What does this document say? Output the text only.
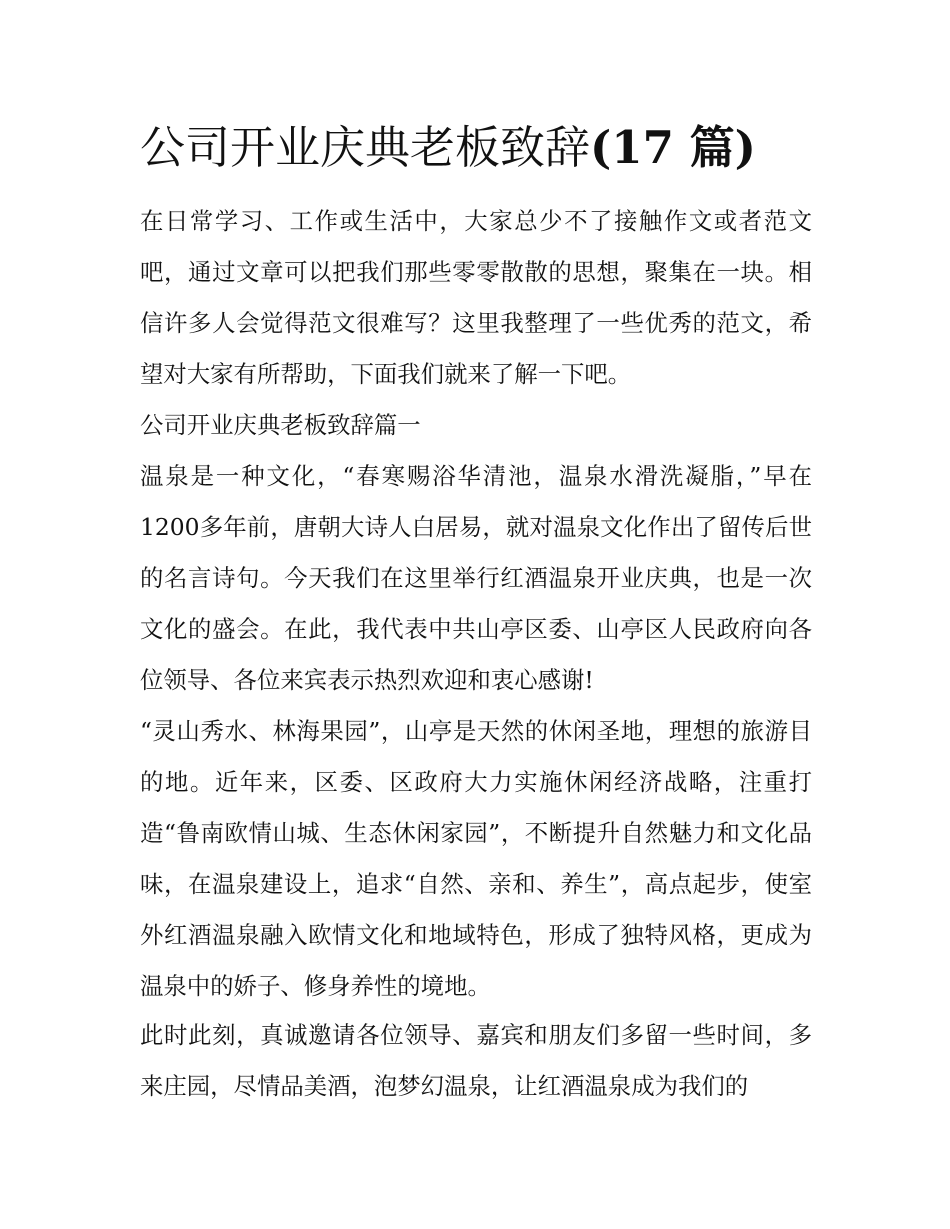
公司开业庆典老板致辞(17 篇)

在日常学习、工作或生活中，大家总少不了接触作文或者范文吧，通过文章可以把我们那些零零散散的思想，聚集在一块。相信许多人会觉得范文很难写？这里我整理了一些优秀的范文，希望对大家有所帮助，下面我们就来了解一下吧。

公司开业庆典老板致辞篇一

温泉是一种文化，“春寒赐浴华清池，温泉水滑洗凝脂，”早在1200多年前，唐朝大诗人白居易，就对温泉文化作出了留传后世的名言诗句。今天我们在这里举行红酒温泉开业庆典，也是一次文化的盛会。在此，我代表中共山亭区委、山亭区人民政府向各位领导、各位来宾表示热烈欢迎和衷心感谢!

“灵山秀水、林海果园”，山亭是天然的休闲圣地，理想的旅游目的地。近年来，区委、区政府大力实施休闲经济战略，注重打造“鲁南欧情山城、生态休闲家园”，不断提升自然魅力和文化品味，在温泉建设上，追求“自然、亲和、养生”，高点起步，使室外红酒温泉融入欧情文化和地域特色，形成了独特风格，更成为温泉中的娇子、修身养性的境地。

此时此刻，真诚邀请各位领导、嘉宾和朋友们多留一些时间，多来庄园，尽情品美酒，泡梦幻温泉，让红酒温泉成为我们的
